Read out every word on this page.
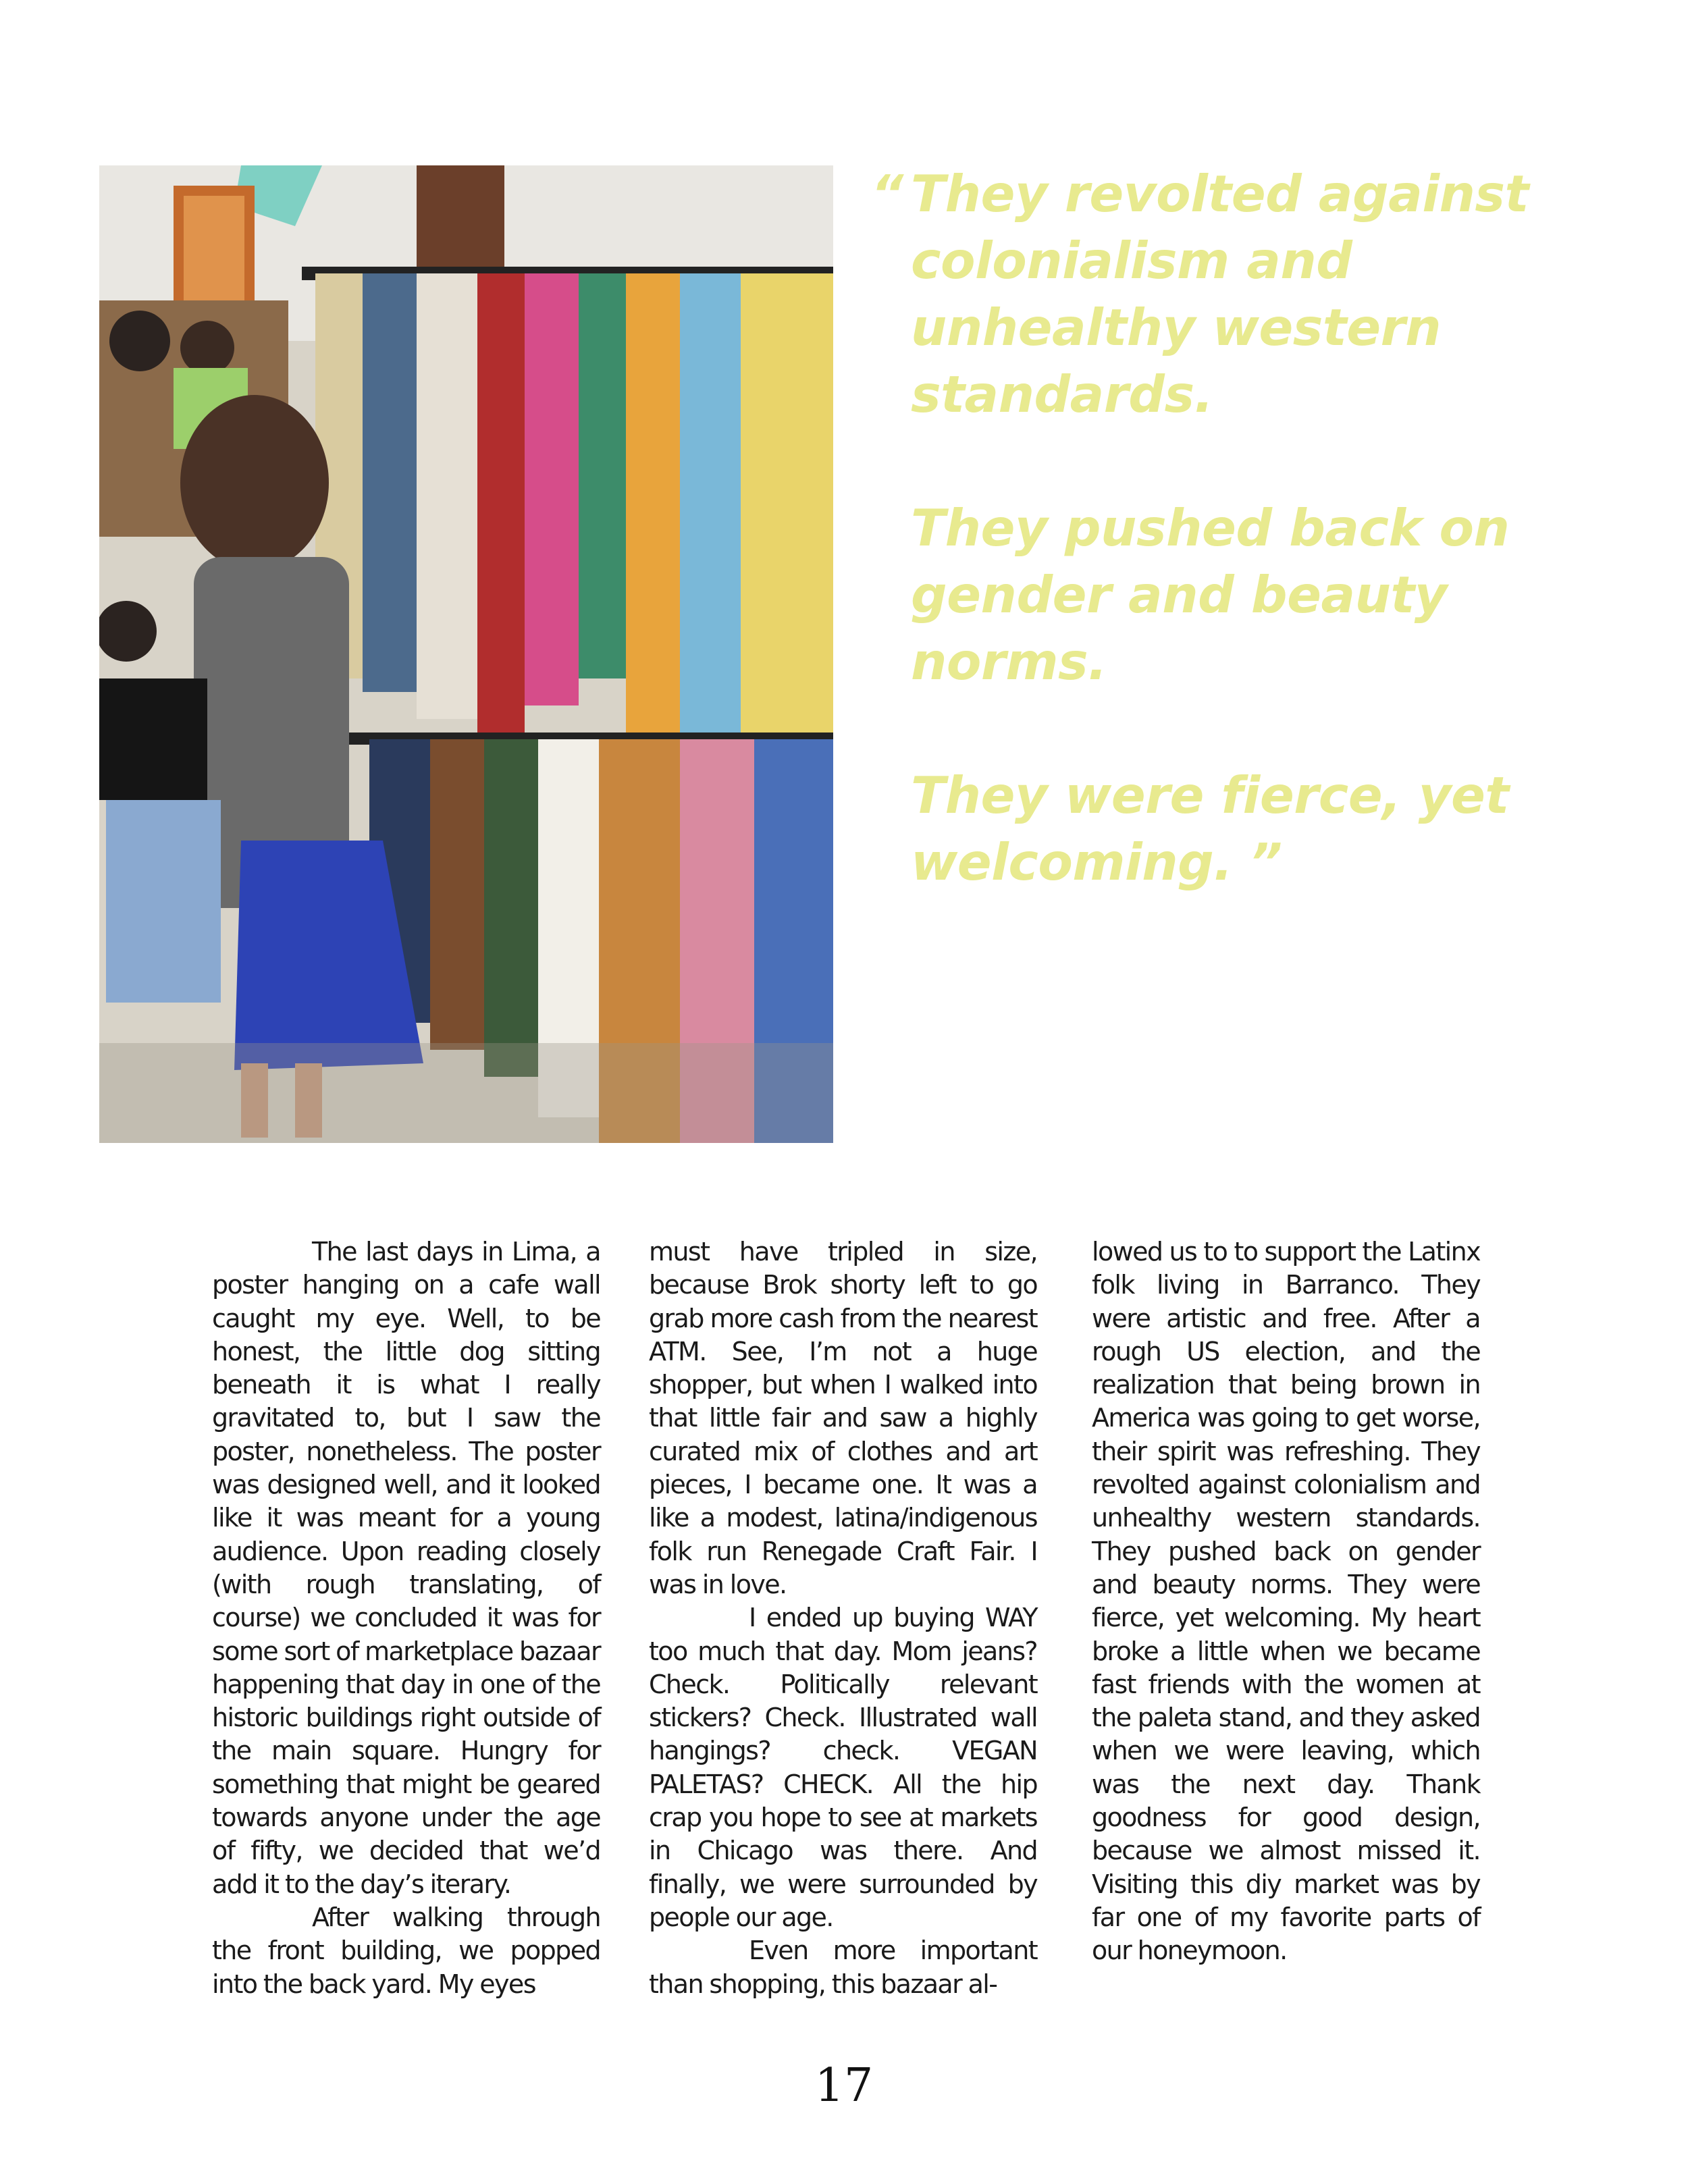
“ They revolted against colonialism and unhealthy western standards.

They pushed back on gender and beauty norms.

They were fierce, yet welcoming. ”

The last days in Lima, a poster hanging on a cafe wall caught my eye. Well, to be honest, the little dog sitting beneath it is what I really gravitated to, but I saw the poster, nonetheless. The poster was designed well, and it looked like it was meant for a young audience. Upon reading closely (with rough translating, of course) we concluded it was for some sort of marketplace bazaar happening that day in one of the historic buildings right outside of the main square. Hungry for something that might be geared towards anyone under the age of fifty, we decided that we’d add it to the day’s iterary.

After walking through the front building, we popped into the back yard. My eyes

must have tripled in size, because Brok shorty left to go grab more cash from the nearest ATM. See, I’m not a huge shopper, but when I walked into that little fair and saw a highly curated mix of clothes and art pieces, I became one. It was a like a modest, latina/indigenous folk run Renegade Craft Fair. I was in love.

I ended up buying WAY too much that day. Mom jeans? Check. Politically relevant stickers? Check. Illustrated wall hangings? check. VEGAN PALETAS? CHECK. All the hip crap you hope to see at markets in Chicago was there. And finally, we were surrounded by people our age.

Even more important than shopping, this bazaar al-

lowed us to to support the Latinx folk living in Barranco. They were artistic and free. After a rough US election, and the realization that being brown in America was going to get worse, their spirit was refreshing. They revolted against colonialism and unhealthy western standards. They pushed back on gender and beauty norms. They were fierce, yet welcoming. My heart broke a little when we became fast friends with the women at the paleta stand, and they asked when we were leaving, which was the next day. Thank goodness for good design, because we almost missed it. Visiting this diy market was by far one of my favorite parts of our honeymoon.

17
